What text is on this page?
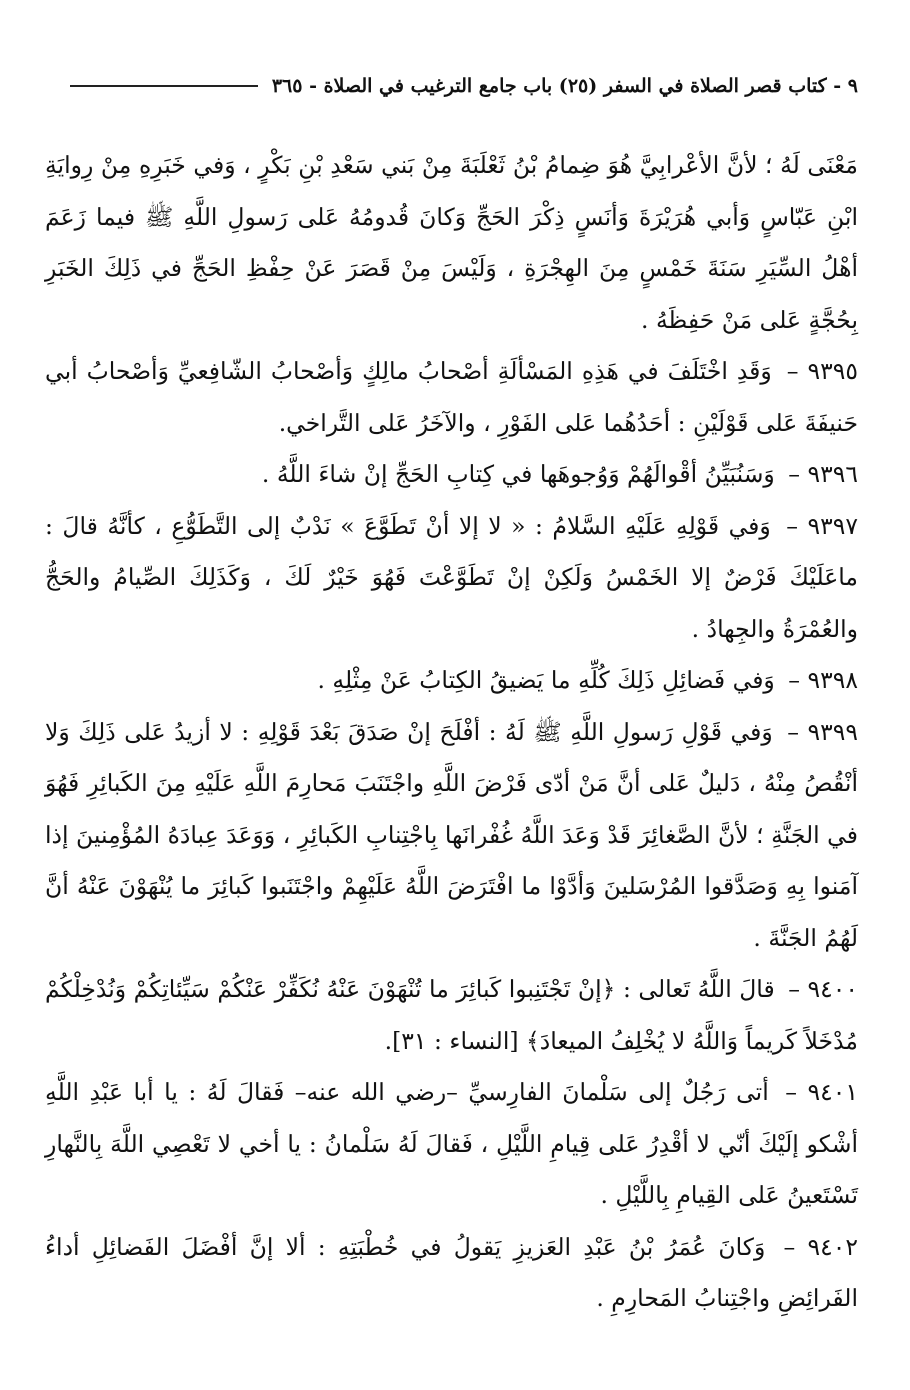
٩ - كتاب قصر الصلاة في السفر (٢٥) باب جامع الترغيب في الصلاة - ٣٦٥

مَعْنَى لَهُ ؛ لأنَّ الأعْرابِيَّ هُوَ ضِمامُ بْنُ ثَعْلَبَةَ مِنْ بَني سَعْدِ بْنِ بَكْرٍ ، وَفي خَبَرِهِ مِنْ رِوايَةِ ابْنِ عَبّاسٍ وَأبي هُرَيْرَةَ وَأنَسٍ ذِكْرَ الحَجِّ وَكانَ قُدومُهُ عَلى رَسولِ اللَّهِ ﷺ فيما زَعَمَ أهْلُ السِّيَرِ سَنَةَ خَمْسٍ مِنَ الهِجْرَةِ ، وَلَيْسَ مِنْ قَصَرَ عَنْ حِفْظِ الحَجِّ في ذَلِكَ الخَبَرِ بِحُجَّةٍ عَلى مَنْ حَفِظَهُ .

٩٣٩٥ – وَقَدِ اخْتَلَفَ في هَذِهِ المَسْألَةِ أصْحابُ مالِكٍ وَأصْحابُ الشّافِعيِّ وَأصْحابُ أبي حَنيفَةَ عَلى قَوْلَيْنِ : أحَدُهُما عَلى الفَوْرِ ، والآخَرُ عَلى التَّراخي.

٩٣٩٦ – وَسَنُبَيِّنُ أقْوالَهُمْ وَوُجوهَها في كِتابِ الحَجِّ إنْ شاءَ اللَّهُ .

٩٣٩٧ – وَفي قَوْلِهِ عَلَيْهِ السَّلامُ : « لا إلا أنْ تَطَوَّعَ » نَدْبٌ إلى التَّطَوُّعِ ، كأنَّهُ قالَ : ماعَلَيْكَ فَرْضٌ إلا الخَمْسُ وَلَكِنْ إنْ تَطَوَّعْتَ فَهُوَ خَيْرٌ لَكَ ، وَكَذَلِكَ الصِّيامُ والحَجُّ والعُمْرَةُ والجِهادُ .

٩٣٩٨ – وَفي فَضائِلِ ذَلِكَ كُلِّهِ ما يَضيقُ الكِتابُ عَنْ مِثْلِهِ .

٩٣٩٩ – وَفي قَوْلِ رَسولِ اللَّهِ ﷺ لَهُ : أفْلَحَ إنْ صَدَقَ بَعْدَ قَوْلِهِ : لا أزيدُ عَلى ذَلِكَ وَلا أنْقُصُ مِنْهُ ، دَليلٌ عَلى أنَّ مَنْ أدّى فَرْضَ اللَّهِ واجْتَنَبَ مَحارِمَ اللَّهِ عَلَيْهِ مِنَ الكَبائِرِ فَهُوَ في الجَنَّةِ ؛ لأنَّ الصَّغائِرَ قَدْ وَعَدَ اللَّهُ غُفْرانَها بِاجْتِنابِ الكَبائِرِ ، وَوَعَدَ عِبادَهُ المُؤْمِنينَ إذا آمَنوا بِهِ وَصَدَّقوا المُرْسَلينَ وَأدَّوْا ما افْتَرَضَ اللَّهُ عَلَيْهِمْ واجْتَنَبوا كَبائِرَ ما يُنْهَوْنَ عَنْهُ أنَّ لَهُمُ الجَنَّةَ .

٩٤٠٠ – قالَ اللَّهُ تَعالى : ﴿إنْ تَجْتَنِبوا كَبائِرَ ما تُنْهَوْنَ عَنْهُ نُكَفِّرْ عَنْكُمْ سَيِّئاتِكُمْ وَنُدْخِلْكُمْ مُدْخَلاً كَريماً وَاللَّهُ لا يُخْلِفُ الميعادَ﴾ [النساء : ٣١].

٩٤٠١ – أتى رَجُلٌ إلى سَلْمانَ الفارِسيِّ –رضي الله عنه– فَقالَ لَهُ : يا أبا عَبْدِ اللَّهِ أشْكو إلَيْكَ أنّي لا أقْدِرُ عَلى قِيامِ اللَّيْلِ ، فَقالَ لَهُ سَلْمانُ : يا أخي لا تَعْصِي اللَّهَ بِالنَّهارِ تَسْتَعينُ عَلى القِيامِ بِاللَّيْلِ .

٩٤٠٢ – وَكانَ عُمَرُ بْنُ عَبْدِ العَزيزِ يَقولُ في خُطْبَتِهِ : ألا إنَّ أفْضَلَ الفَضائِلِ أداءُ الفَرائِضِ واجْتِنابُ المَحارِمِ .
